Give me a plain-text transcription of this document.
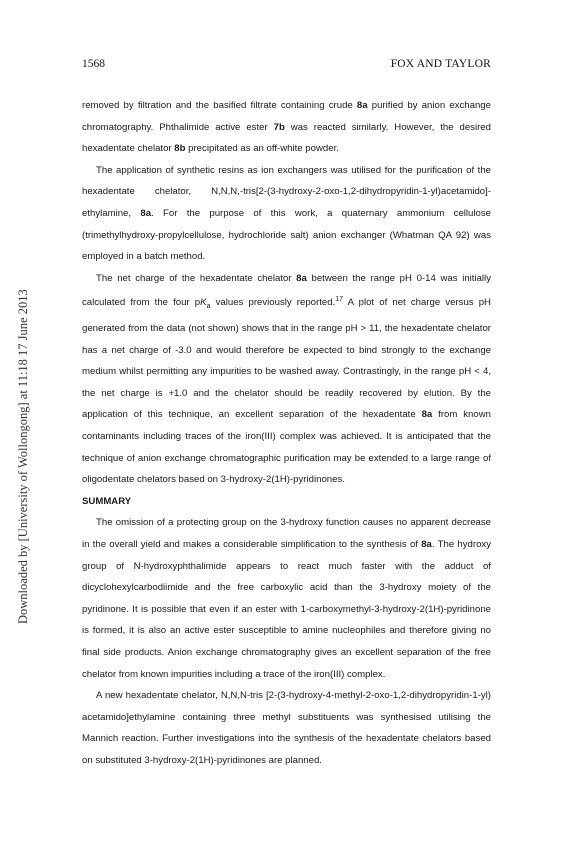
1568	FOX AND TAYLOR
Downloaded by [University of Wollongong] at 11:18 17 June 2013

removed by filtration and the basified filtrate containing crude 8a purified by anion exchange chromatography. Phthalimide active ester 7b was reacted similarly. However, the desired hexadentate chelator 8b precipitated as an off-white powder.

The application of synthetic resins as ion exchangers was utilised for the purification of the hexadentate chelator, N,N,N,-tris[2-(3-hydroxy-2-oxo-1,2-dihydropyridin-1-yl)acetamido]-ethylamine, 8a. For the purpose of this work, a quaternary ammonium cellulose (trimethylhydroxy-propylcellulose, hydrochloride salt) anion exchanger (Whatman QA 92) was employed in a batch method.

The net charge of the hexadentate chelator 8a between the range pH 0-14 was initially calculated from the four $pK_a$ values previously reported.$^{17}$ A plot of net charge versus pH generated from the data (not shown) shows that in the range pH > 11, the hexadentate chelator has a net charge of -3.0 and would therefore be expected to bind strongly to the exchange medium whilst permitting any impurities to be washed away. Contrastingly, in the range pH < 4, the net charge is +1.0 and the chelator should be readily recovered by elution. By the application of this technique, an excellent separation of the hexadentate 8a from known contaminants including traces of the iron(III) complex was achieved. It is anticipated that the technique of anion exchange chromatographic purification may be extended to a large range of oligodentate chelators based on 3-hydroxy-2(1H)-pyridinones.

SUMMARY

The omission of a protecting group on the 3-hydroxy function causes no apparent decrease in the overall yield and makes a considerable simplification to the synthesis of 8a. The hydroxy group of N-hydroxyphthalimide appears to react much faster with the adduct of dicyclohexylcarbodiimide and the free carboxylic acid than the 3-hydroxy moiety of the pyridinone. It is possible that even if an ester with 1-carboxymethyl-3-hydroxy-2(1H)-pyridinone is formed, it is also an active ester susceptible to amine nucleophiles and therefore giving no final side products. Anion exchange chromatography gives an excellent separation of the free chelator from known impurities including a trace of the iron(III) complex.

A new hexadentate chelator, N,N,N-tris [2-(3-hydroxy-4-methyl-2-oxo-1,2-dihydropyridin-1-yl) acetamido]ethylamine containing three methyl substituents was synthesised utilising the Mannich reaction. Further investigations into the synthesis of the hexadentate chelators based on substituted 3-hydroxy-2(1H)-pyridinones are planned.
